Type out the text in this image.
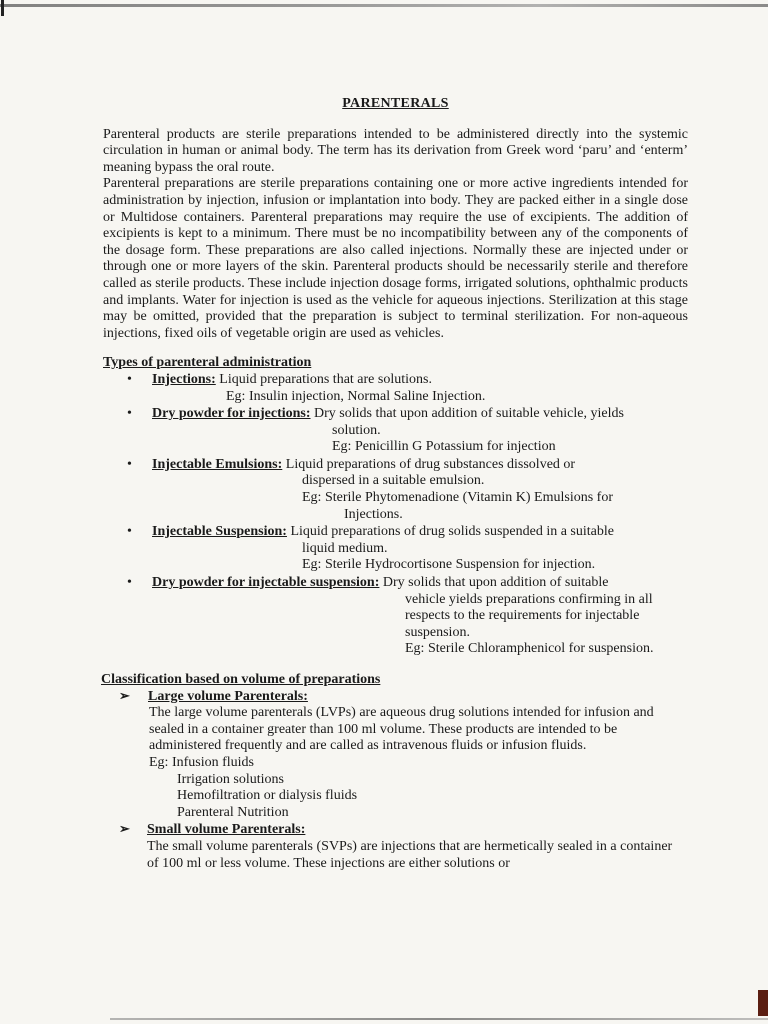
PARENTERALS

Parenteral products are sterile preparations intended to be administered directly into the systemic circulation in human or animal body. The term has its derivation from Greek word ‘paru’ and ‘enterm’ meaning bypass the oral route.

Parenteral preparations are sterile preparations containing one or more active ingredients intended for administration by injection, infusion or implantation into body. They are packed either in a single dose or Multidose containers. Parenteral preparations may require the use of excipients. The addition of excipients is kept to a minimum. There must be no incompatibility between any of the components of the dosage form. These preparations are also called injections. Normally these are injected under or through one or more layers of the skin. Parenteral products should be necessarily sterile and therefore called as sterile products. These include injection dosage forms, irrigated solutions, ophthalmic products and implants. Water for injection is used as the vehicle for aqueous injections. Sterilization at this stage may be omitted, provided that the preparation is subject to terminal sterilization. For non-aqueous injections, fixed oils of vegetable origin are used as vehicles.

Types of parenteral administration
• Injections: Liquid preparations that are solutions.
Eg: Insulin injection, Normal Saline Injection.
• Dry powder for injections: Dry solids that upon addition of suitable vehicle, yields
solution.
Eg: Penicillin G Potassium for injection
• Injectable Emulsions: Liquid preparations of drug substances dissolved or
dispersed in a suitable emulsion.
Eg: Sterile Phytomenadione (Vitamin K) Emulsions for
Injections.
• Injectable Suspension: Liquid preparations of drug solids suspended in a suitable
liquid medium.
Eg: Sterile Hydrocortisone Suspension for injection.
• Dry powder for injectable suspension: Dry solids that upon addition of suitable
vehicle yields preparations confirming in all
respects to the requirements for injectable
suspension.
Eg: Sterile Chloramphenicol for suspension.
Classification based on volume of preparations
➢ Large volume Parenterals:

The large volume parenterals (LVPs) are aqueous drug solutions intended for infusion and sealed in a container greater than 100 ml volume. These products are intended to be administered frequently and are called as intravenous fluids or infusion fluids.

Eg: Infusion fluids
Irrigation solutions
Hemofiltration or dialysis fluids
Parenteral Nutrition
➢ Small volume Parenterals:

The small volume parenterals (SVPs) are injections that are hermetically sealed in a container of 100 ml or less volume. These injections are either solutions or
